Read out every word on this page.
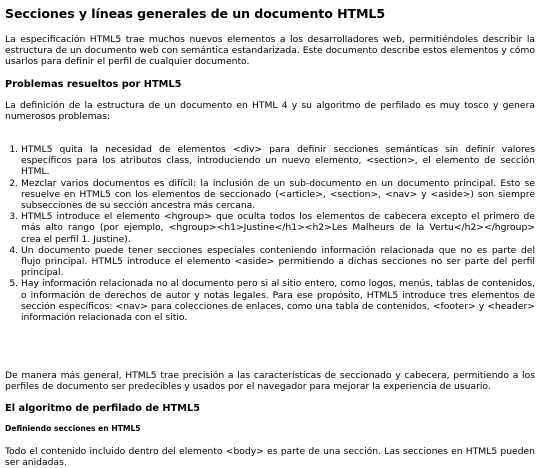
Secciones y líneas generales de un documento HTML5

La especificación HTML5 trae muchos nuevos elementos a los desarrolladores web, permitiéndoles describir la estructura de un documento web con semántica estandarizada. Este documento describe estos elementos y cómo usarlos para definir el perfil de cualquier documento.

Problemas resueltos por HTML5

La definición de la estructura de un documento en HTML 4 y su algoritmo de perfilado es muy tosco y genera numerosos problemas:

1. HTML5 quita la necesidad de elementos <div> para definir secciones semánticas sin definir valores específicos para los atributos class, introduciendo un nuevo elemento, <section>, el elemento de sección HTML.
2. Mezclar varios documentos es difícil: la inclusión de un sub-documento en un documento principal. Esto se resuelve en HTML5 con los elementos de seccionado (<article>, <section>, <nav> y <aside>) son siempre subsecciones de su sección ancestra más cercana.
3. HTML5 introduce el elemento <hgroup> que oculta todos los elementos de cabecera excepto el primero de más alto rango (por ejemplo, <hgroup><h1>Justine</h1><h2>Les Malheurs de la Vertu</h2></hgroup> crea el perfil 1. Justine).
4. Un documento puede tener secciones especiales conteniendo información relacionada que no es parte del flujo principal. HTML5 introduce el elemento <aside> permitiendo a dichas secciones no ser parte del perfil principal.
5. Hay información relacionada no al documento pero si al sitio entero, como logos, menús, tablas de contenidos, o información de derechos de autor y notas legales. Para ese propósito, HTML5 introduce tres elementos de sección específicos: <nav> para colecciones de enlaces, como una tabla de contenidos, <footer> y <header> información relacionada con el sitio.

De manera más general, HTML5 trae precisión a las características de seccionado y cabecera, permitiendo a los perfiles de documento ser predecibles y usados por el navegador para mejorar la experiencia de usuario.

El algoritmo de perfilado de HTML5
Definiendo secciones en HTML5

Todo el contenido incluido dentro del elemento <body> es parte de una sección. Las secciones en HTML5 pueden ser anidadas.
